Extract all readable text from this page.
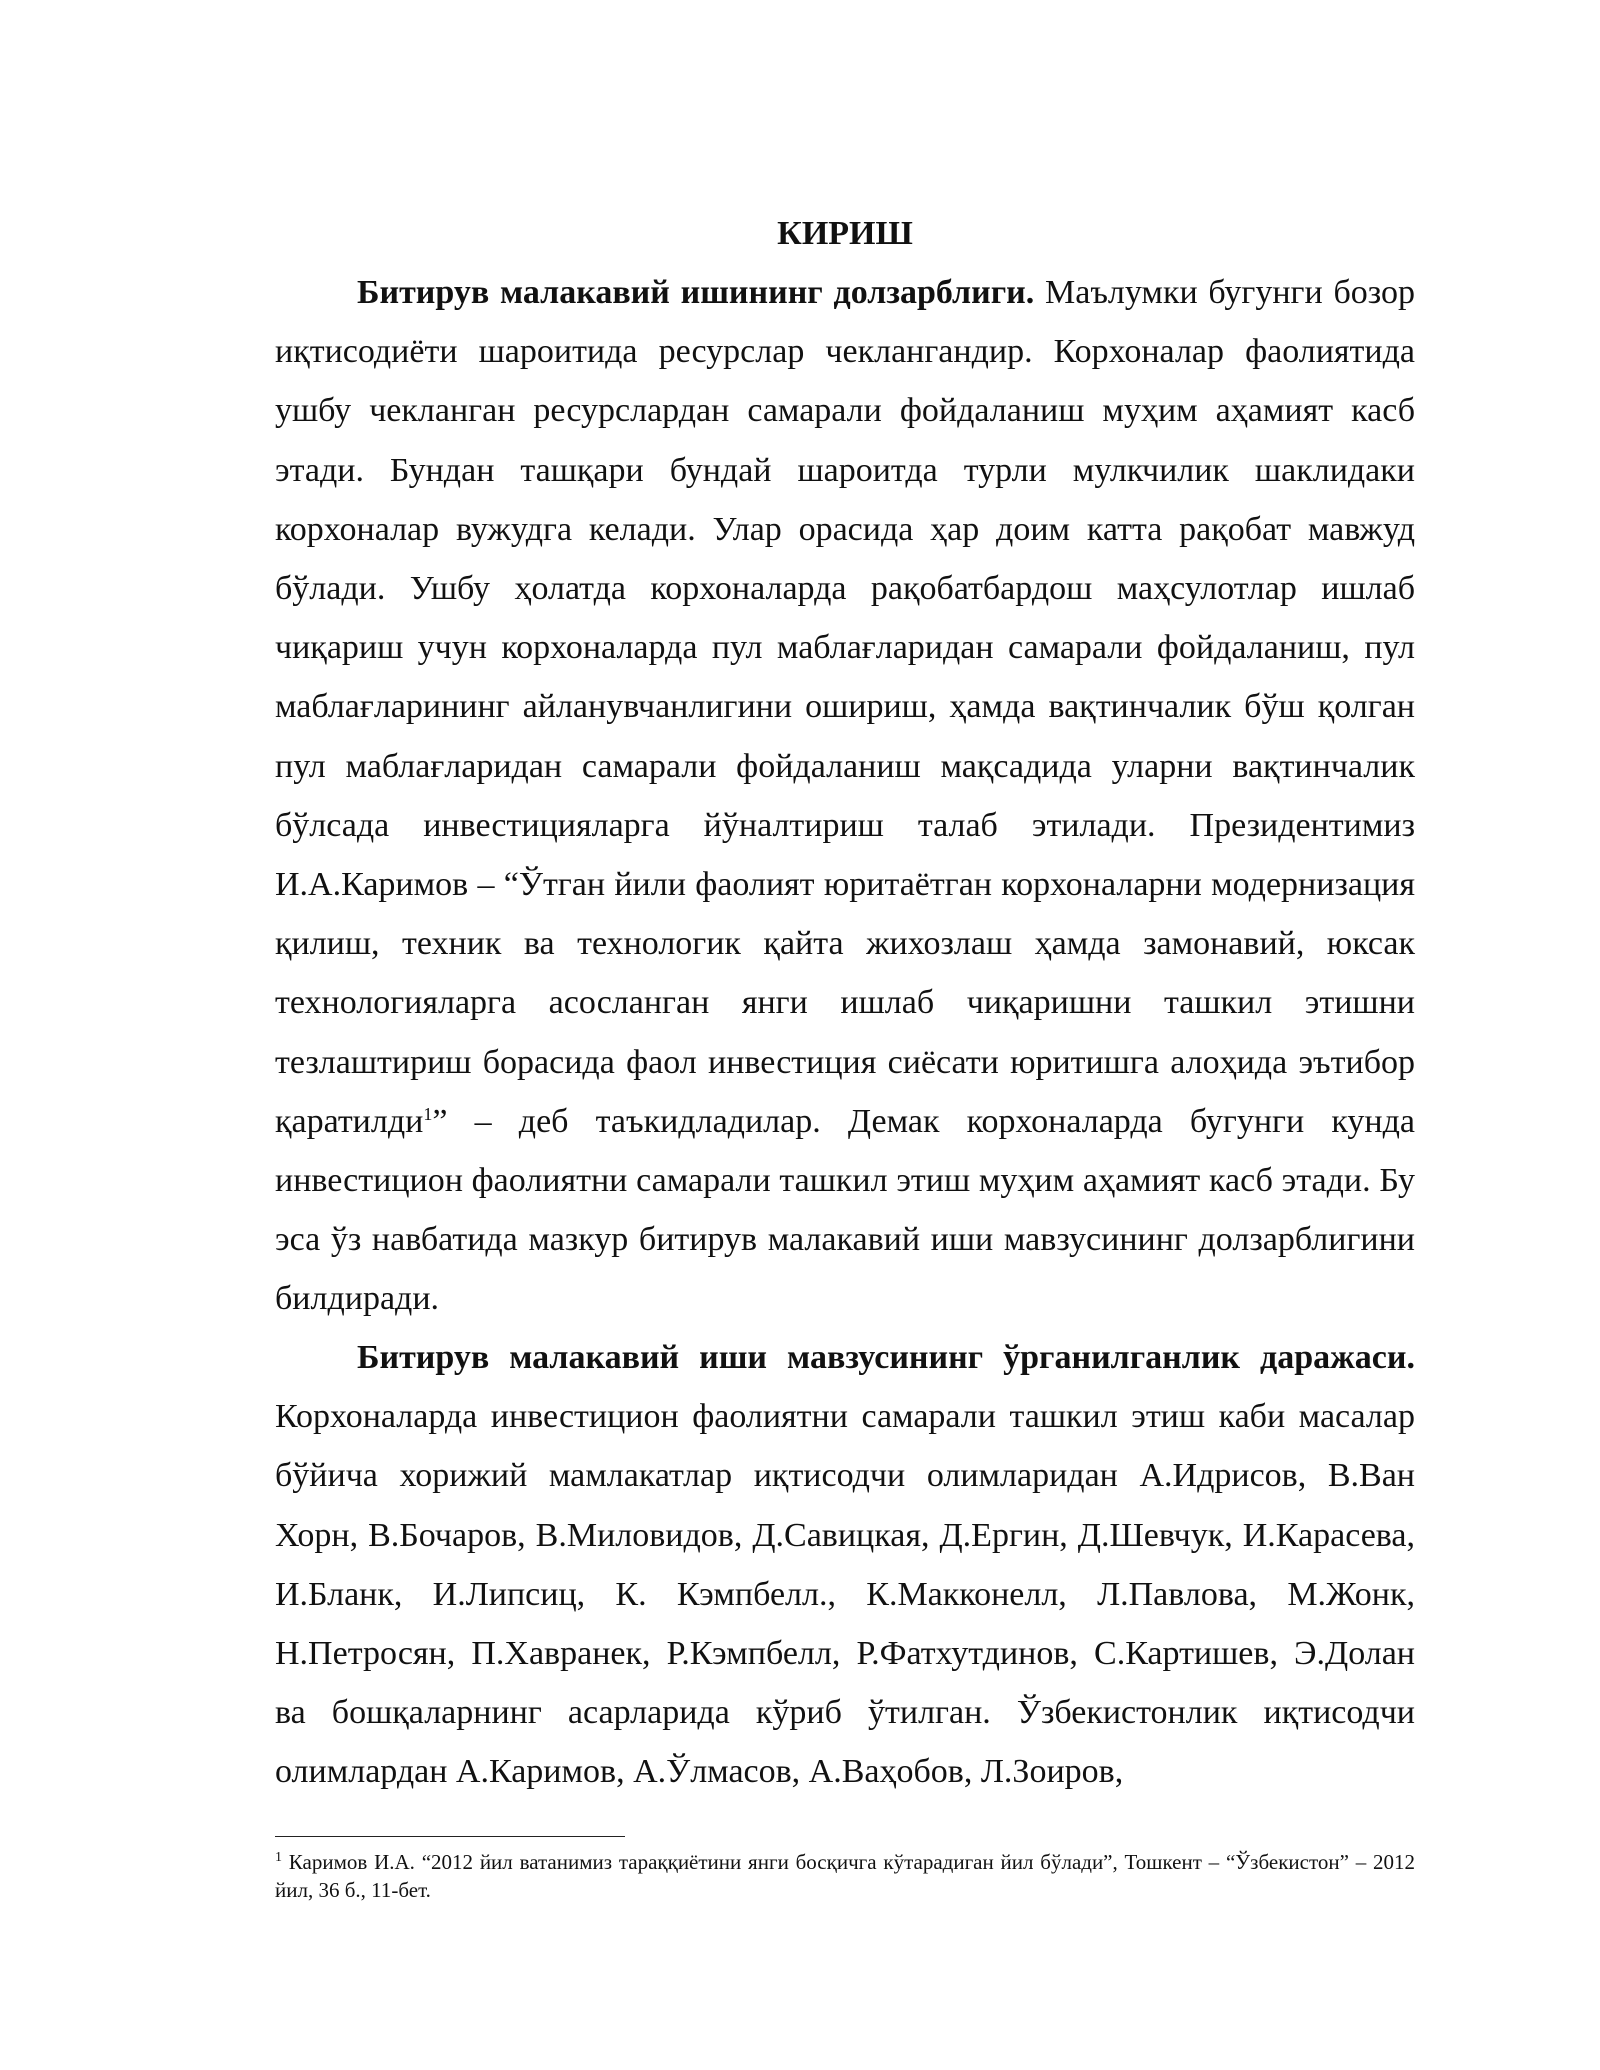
КИРИШ

Битирув малакавий ишининг долзарблиги. Маълумки бугунги бозор иқтисодиёти шароитида ресурслар чеклангандир. Корхоналар фаолиятида ушбу чекланган ресурслардан самарали фойдаланиш муҳим аҳамият касб этади. Бундан ташқари бундай шароитда турли мулкчилик шаклидаки корхоналар вужудга келади. Улар орасида ҳар доим катта рақобат мавжуд бўлади. Ушбу ҳолатда корхоналарда рақобатбардош маҳсулотлар ишлаб чиқариш учун корхоналарда пул маблағларидан самарали фойдаланиш, пул маблағларининг айланувчанлигини ошириш, ҳамда вақтинчалик бўш қолган пул маблағларидан самарали фойдаланиш мақсадида уларни вақтинчалик бўлсада инвестицияларга йўналтириш талаб этилади. Президентимиз И.А.Каримов – “Ўтган йили фаолият юритаётган корхоналарни модернизация қилиш, техник ва технологик қайта жихозлаш ҳамда замонавий, юксак технологияларга асосланган янги ишлаб чиқаришни ташкил этишни тезлаштириш борасида фаол инвестиция сиёсати юритишга алоҳида эътибор қаратилди$^1$” – деб таъкидладилар. Демак корхоналарда бугунги кунда инвестицион фаолиятни самарали ташкил этиш муҳим аҳамият касб этади. Бу эса ўз навбатида мазкур битирув малакавий иши мавзусининг долзарблигини билдиради.

Битирув малакавий иши мавзусининг ўрганилганлик даражаси. Корхоналарда инвестицион фаолиятни самарали ташкил этиш каби масалар бўйича хорижий мамлакатлар иқтисодчи олимларидан А.Идрисов, В.Ван Хорн, В.Бочаров, В.Миловидов, Д.Савицкая, Д.Ергин, Д.Шевчук, И.Карасева, И.Бланк, И.Липсиц, К. Кэмпбелл., К.Макконелл, Л.Павлова, М.Жонк, Н.Петросян, П.Хавранек, Р.Кэмпбелл, Р.Фатхутдинов, С.Картишев, Э.Долан ва бошқаларнинг асарларида кўриб ўтилган. Ўзбекистонлик иқтисодчи олимлардан А.Каримов, А.Ўлмасов, А.Ваҳобов, Л.Зоиров,

$^1$ Каримов И.А. “2012 йил ватанимиз тараққиётини янги босқичга кўтарадиган йил бўлади”, Тошкент – “Ўзбекистон” – 2012 йил, 36 б., 11-бет.
